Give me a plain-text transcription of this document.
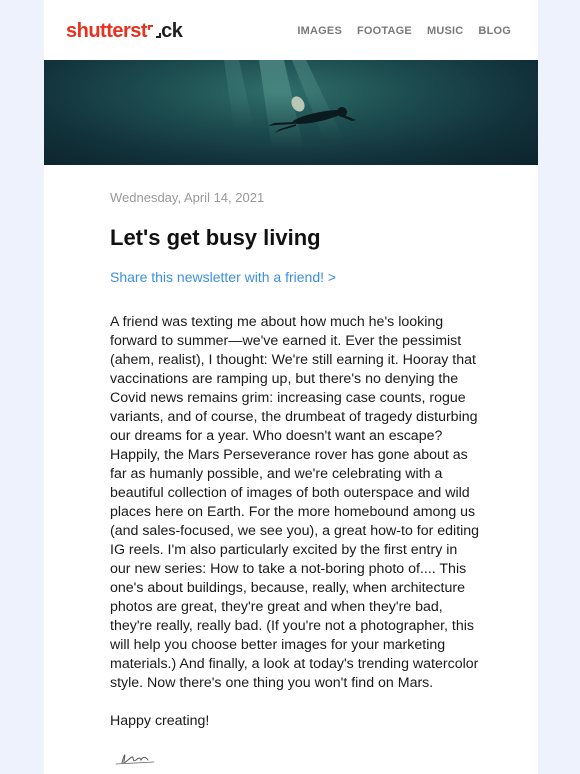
shutterst ck	IMAGES FOOTAGE MUSIC BLOG
Wednesday, April 14, 2021
Let's get busy living
Share this newsletter with a friend! >

A friend was texting me about how much he's looking forward to summer—we've earned it. Ever the pessimist (ahem, realist), I thought: We're still earning it. Hooray that vaccinations are ramping up, but there's no denying the Covid news remains grim: increasing case counts, rogue variants, and of course, the drumbeat of tragedy disturbing our dreams for a year. Who doesn't want an escape? Happily, the Mars Perseverance rover has gone about as far as humanly possible, and we're celebrating with a beautiful collection of images of both outerspace and wild places here on Earth. For the more homebound among us (and sales-focused, we see you), a great how-to for editing IG reels. I'm also particularly excited by the first entry in our new series: How to take a not-boring photo of.... This one's about buildings, because, really, when architecture photos are great, they're great and when they're bad, they're really, really bad. (If you're not a photographer, this will help you choose better images for your marketing materials.) And finally, a look at today's trending watercolor style. Now there's one thing you won't find on Mars.

Happy creating!
